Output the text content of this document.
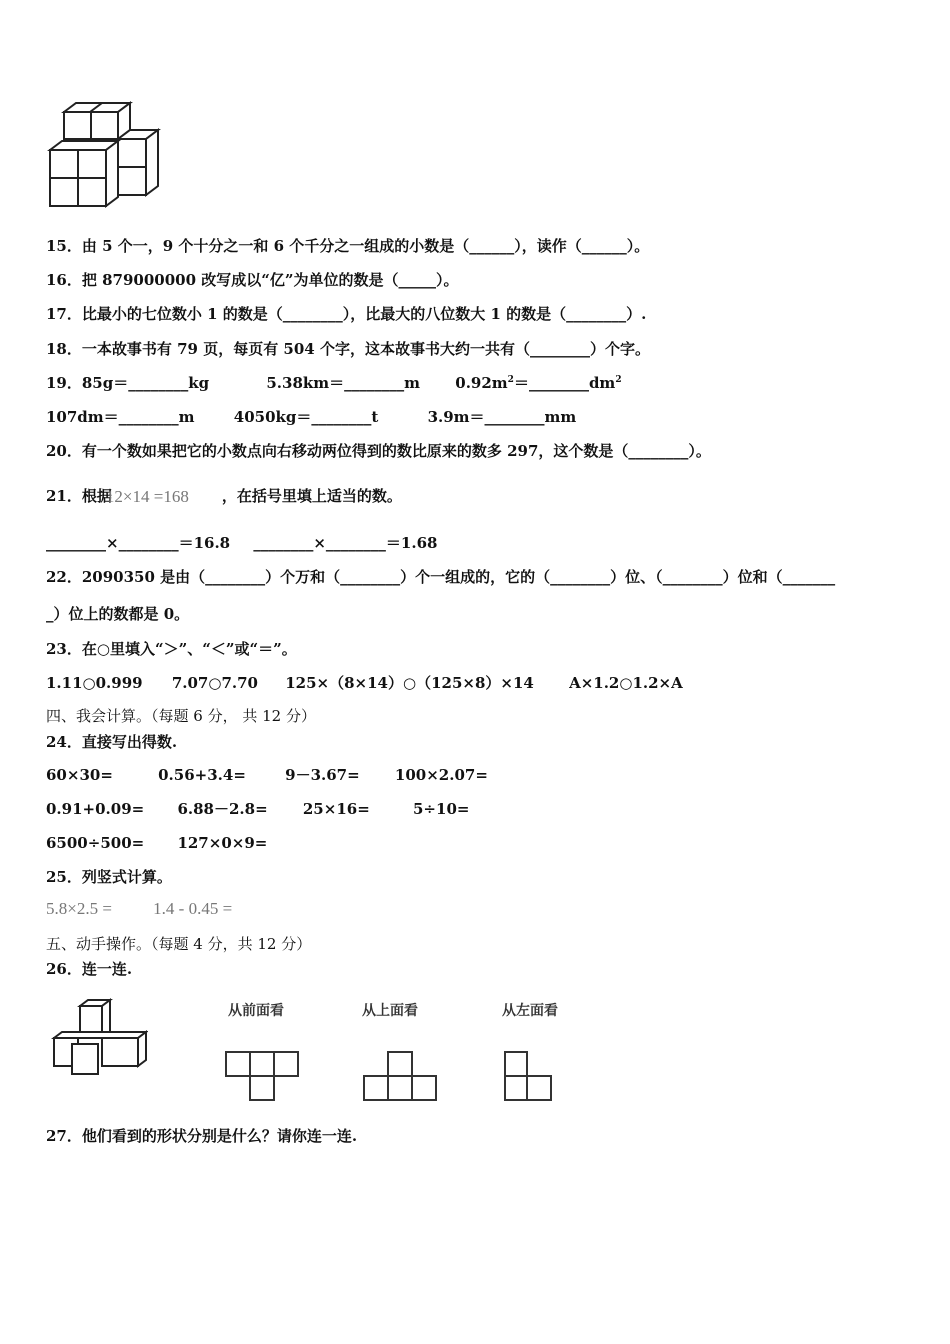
15．由 5 个一，9 个十分之一和 6 个千分之一组成的小数是（______），读作（______）。
16．把 879000000 改写成以“亿”为单位的数是（_____）。
17．比最小的七位数小 1 的数是（________），比最大的八位数大 1 的数是（________）.
18．一本故事书有 79 页，每页有 504 个字，这本故事书大约一共有（________）个字。
19．85g＝________kg	5.38km＝________m $0.92m^2=\_\_\_\_\_\_\_\_dm^2$
107dm＝________m	4050kg＝________t	3.9m＝________mm
20．有一个数如果把它的小数点向右移动两位得到的数比原来的数多 297，这个数是（________）。
21．根据
12×14 =168 ，在括号里填上适当的数。
________×________＝16.8 ________×________＝1.68
22．2090350 是由（________）个万和（________）个一组成的，它的（________）位、（________）位和（_______
_）位上的数都是 0。
23．在○里填入“＞”、“＜”或“＝”。
1.11○0.999 7.07○7.70 125×（8×14）○（125×8）×14 A×1.2○1.2×A
四、我会计算。（每题 6 分， 共 12 分）
24．直接写出得数.
60×30=	0.56+3.4=	9－3.67= 100×2.07=
0.91+0.09= 6.88－2.8= 25×16=	5÷10=
6500÷500= 127×0×9=
25．列竖式计算。
5.8×2.5 = 1.4 - 0.45 =
五、动手操作。（每题 4 分，共 12 分）
26．连一连.
从前面看	从上面看	从左面看
27．他们看到的形状分别是什么？请你连一连.
